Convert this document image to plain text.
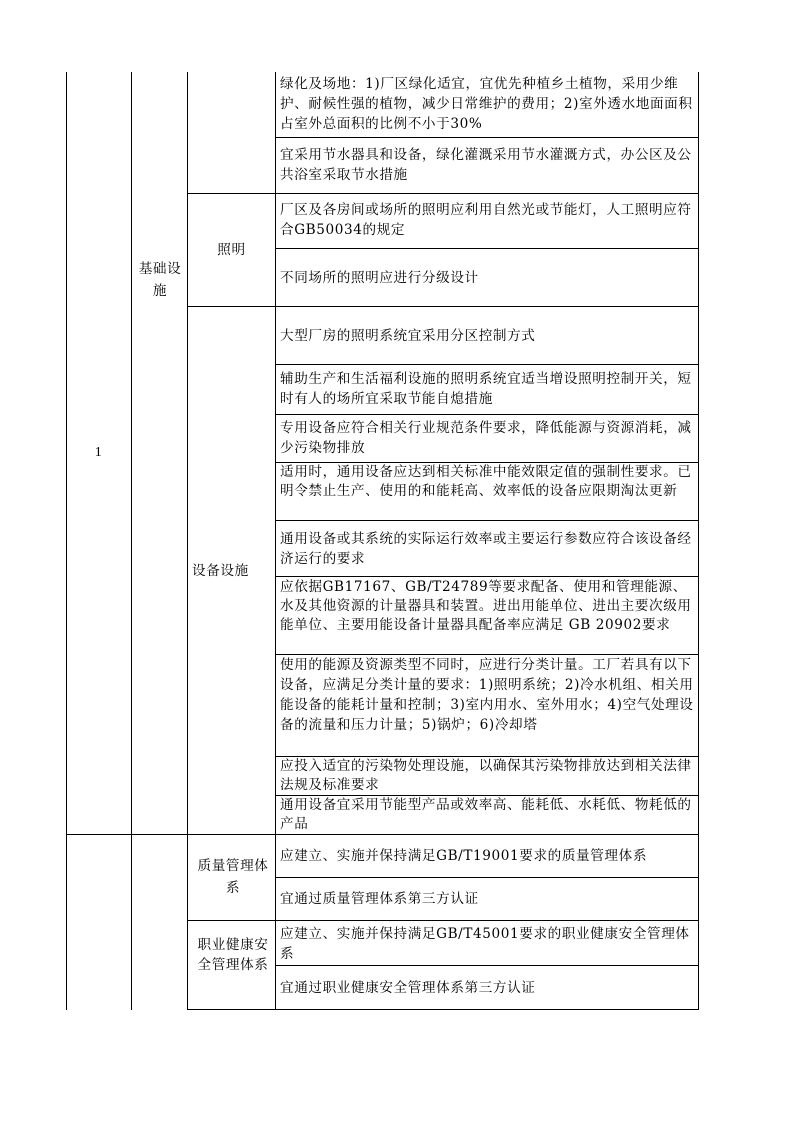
1
基础设施
照明
设备设施
质量管理体系
职业健康安全管理体系
绿化及场地：1)厂区绿化适宜，宜优先种植乡土植物，采用少维护、耐候性强的植物，减少日常维护的费用；2)室外透水地面面积占室外总面积的比例不小于30%
宜采用节水器具和设备，绿化灌溉采用节水灌溉方式，办公区及公共浴室采取节水措施
厂区及各房间或场所的照明应利用自然光或节能灯，人工照明应符合GB50034的规定
不同场所的照明应进行分级设计
大型厂房的照明系统宜采用分区控制方式
辅助生产和生活福利设施的照明系统宜适当增设照明控制开关，短时有人的场所宜采取节能自熄措施
专用设备应符合相关行业规范条件要求，降低能源与资源消耗，减少污染物排放
适用时，通用设备应达到相关标准中能效限定值的强制性要求。已明令禁止生产、使用的和能耗高、效率低的设备应限期淘汰更新
通用设备或其系统的实际运行效率或主要运行参数应符合该设备经济运行的要求
应依据GB17167、GB/T24789等要求配备、使用和管理能源、水及其他资源的计量器具和装置。进出用能单位、进出主要次级用能单位、主要用能设备计量器具配备率应满足 GB 20902要求
使用的能源及资源类型不同时，应进行分类计量。工厂若具有以下设备，应满足分类计量的要求：1)照明系统；2)冷水机组、相关用能设备的能耗计量和控制；3)室内用水、室外用水；4)空气处理设备的流量和压力计量；5)锅炉；6)冷却塔
应投入适宜的污染物处理设施，以确保其污染物排放达到相关法律法规及标准要求
通用设备宜采用节能型产品或效率高、能耗低、水耗低、物耗低的产品
应建立、实施并保持满足GB/T19001要求的质量管理体系
宜通过质量管理体系第三方认证
应建立、实施并保持满足GB/T45001要求的职业健康安全管理体系
宜通过职业健康安全管理体系第三方认证
